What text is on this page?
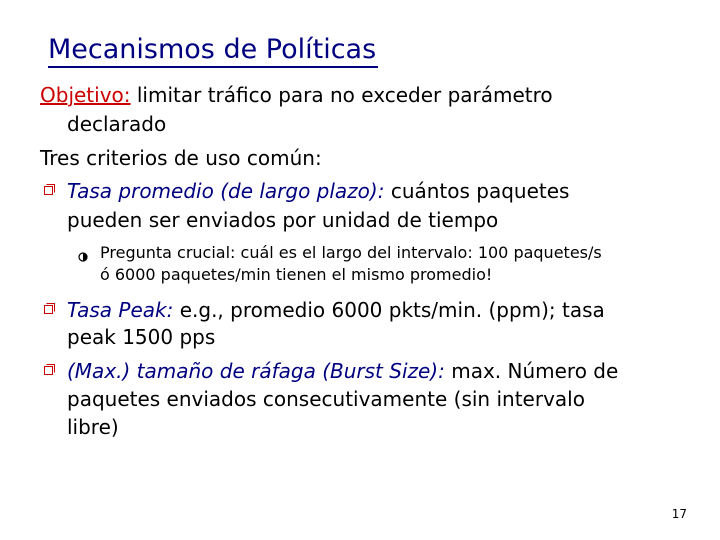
Mecanismos de Políticas
Objetivo: limitar tráfico para no exceder parámetro
declarado
Tres criterios de uso común:
Tasa promedio (de largo plazo): cuántos paquetes
pueden ser enviados por unidad de tiempo
Pregunta crucial: cuál es el largo del intervalo: 100 paquetes/s
ó 6000 paquetes/min tienen el mismo promedio!
Tasa Peak: e.g., promedio 6000 pkts/min. (ppm); tasa
peak 1500 pps
(Max.) tamaño de ráfaga (Burst Size): max. Número de
paquetes enviados consecutivamente (sin intervalo
libre)
17
